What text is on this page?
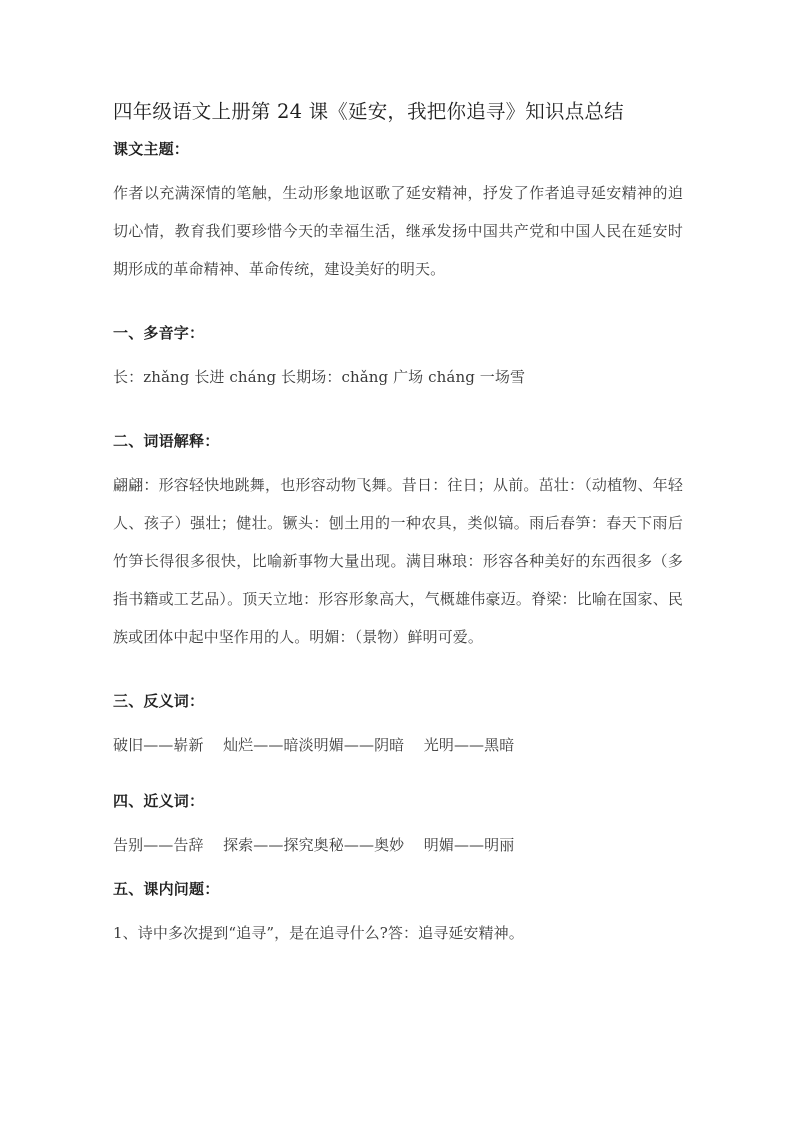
四年级语文上册第 24 课《延安，我把你追寻》知识点总结
课文主题：

作者以充满深情的笔触，生动形象地讴歌了延安精神，抒发了作者追寻延安精神的迫切心情，教育我们要珍惜今天的幸福生活，继承发扬中国共产党和中国人民在延安时期形成的革命精神、革命传统，建设美好的明天。

一、多音字：

长：zhǎng 长进 cháng 长期场：chǎng 广场 cháng 一场雪

二、词语解释：

翩翩：形容轻快地跳舞，也形容动物飞舞。昔日：往日；从前。茁壮：（动植物、年轻人、孩子）强壮；健壮。镢头：刨土用的一种农具，类似镐。雨后春笋：春天下雨后竹笋长得很多很快，比喻新事物大量出现。满目琳琅：形容各种美好的东西很多（多指书籍或工艺品）。顶天立地：形容形象高大，气概雄伟豪迈。脊梁：比喻在国家、民族或团体中起中坚作用的人。明媚：（景物）鲜明可爱。

三、反义词：

破旧——崭新    灿烂——暗淡明媚——阴暗    光明——黑暗

四、近义词：

告别——告辞    探索——探究奥秘——奥妙    明媚——明丽

五、课内问题：

1、诗中多次提到“追寻”，是在追寻什么?答：追寻延安精神。
